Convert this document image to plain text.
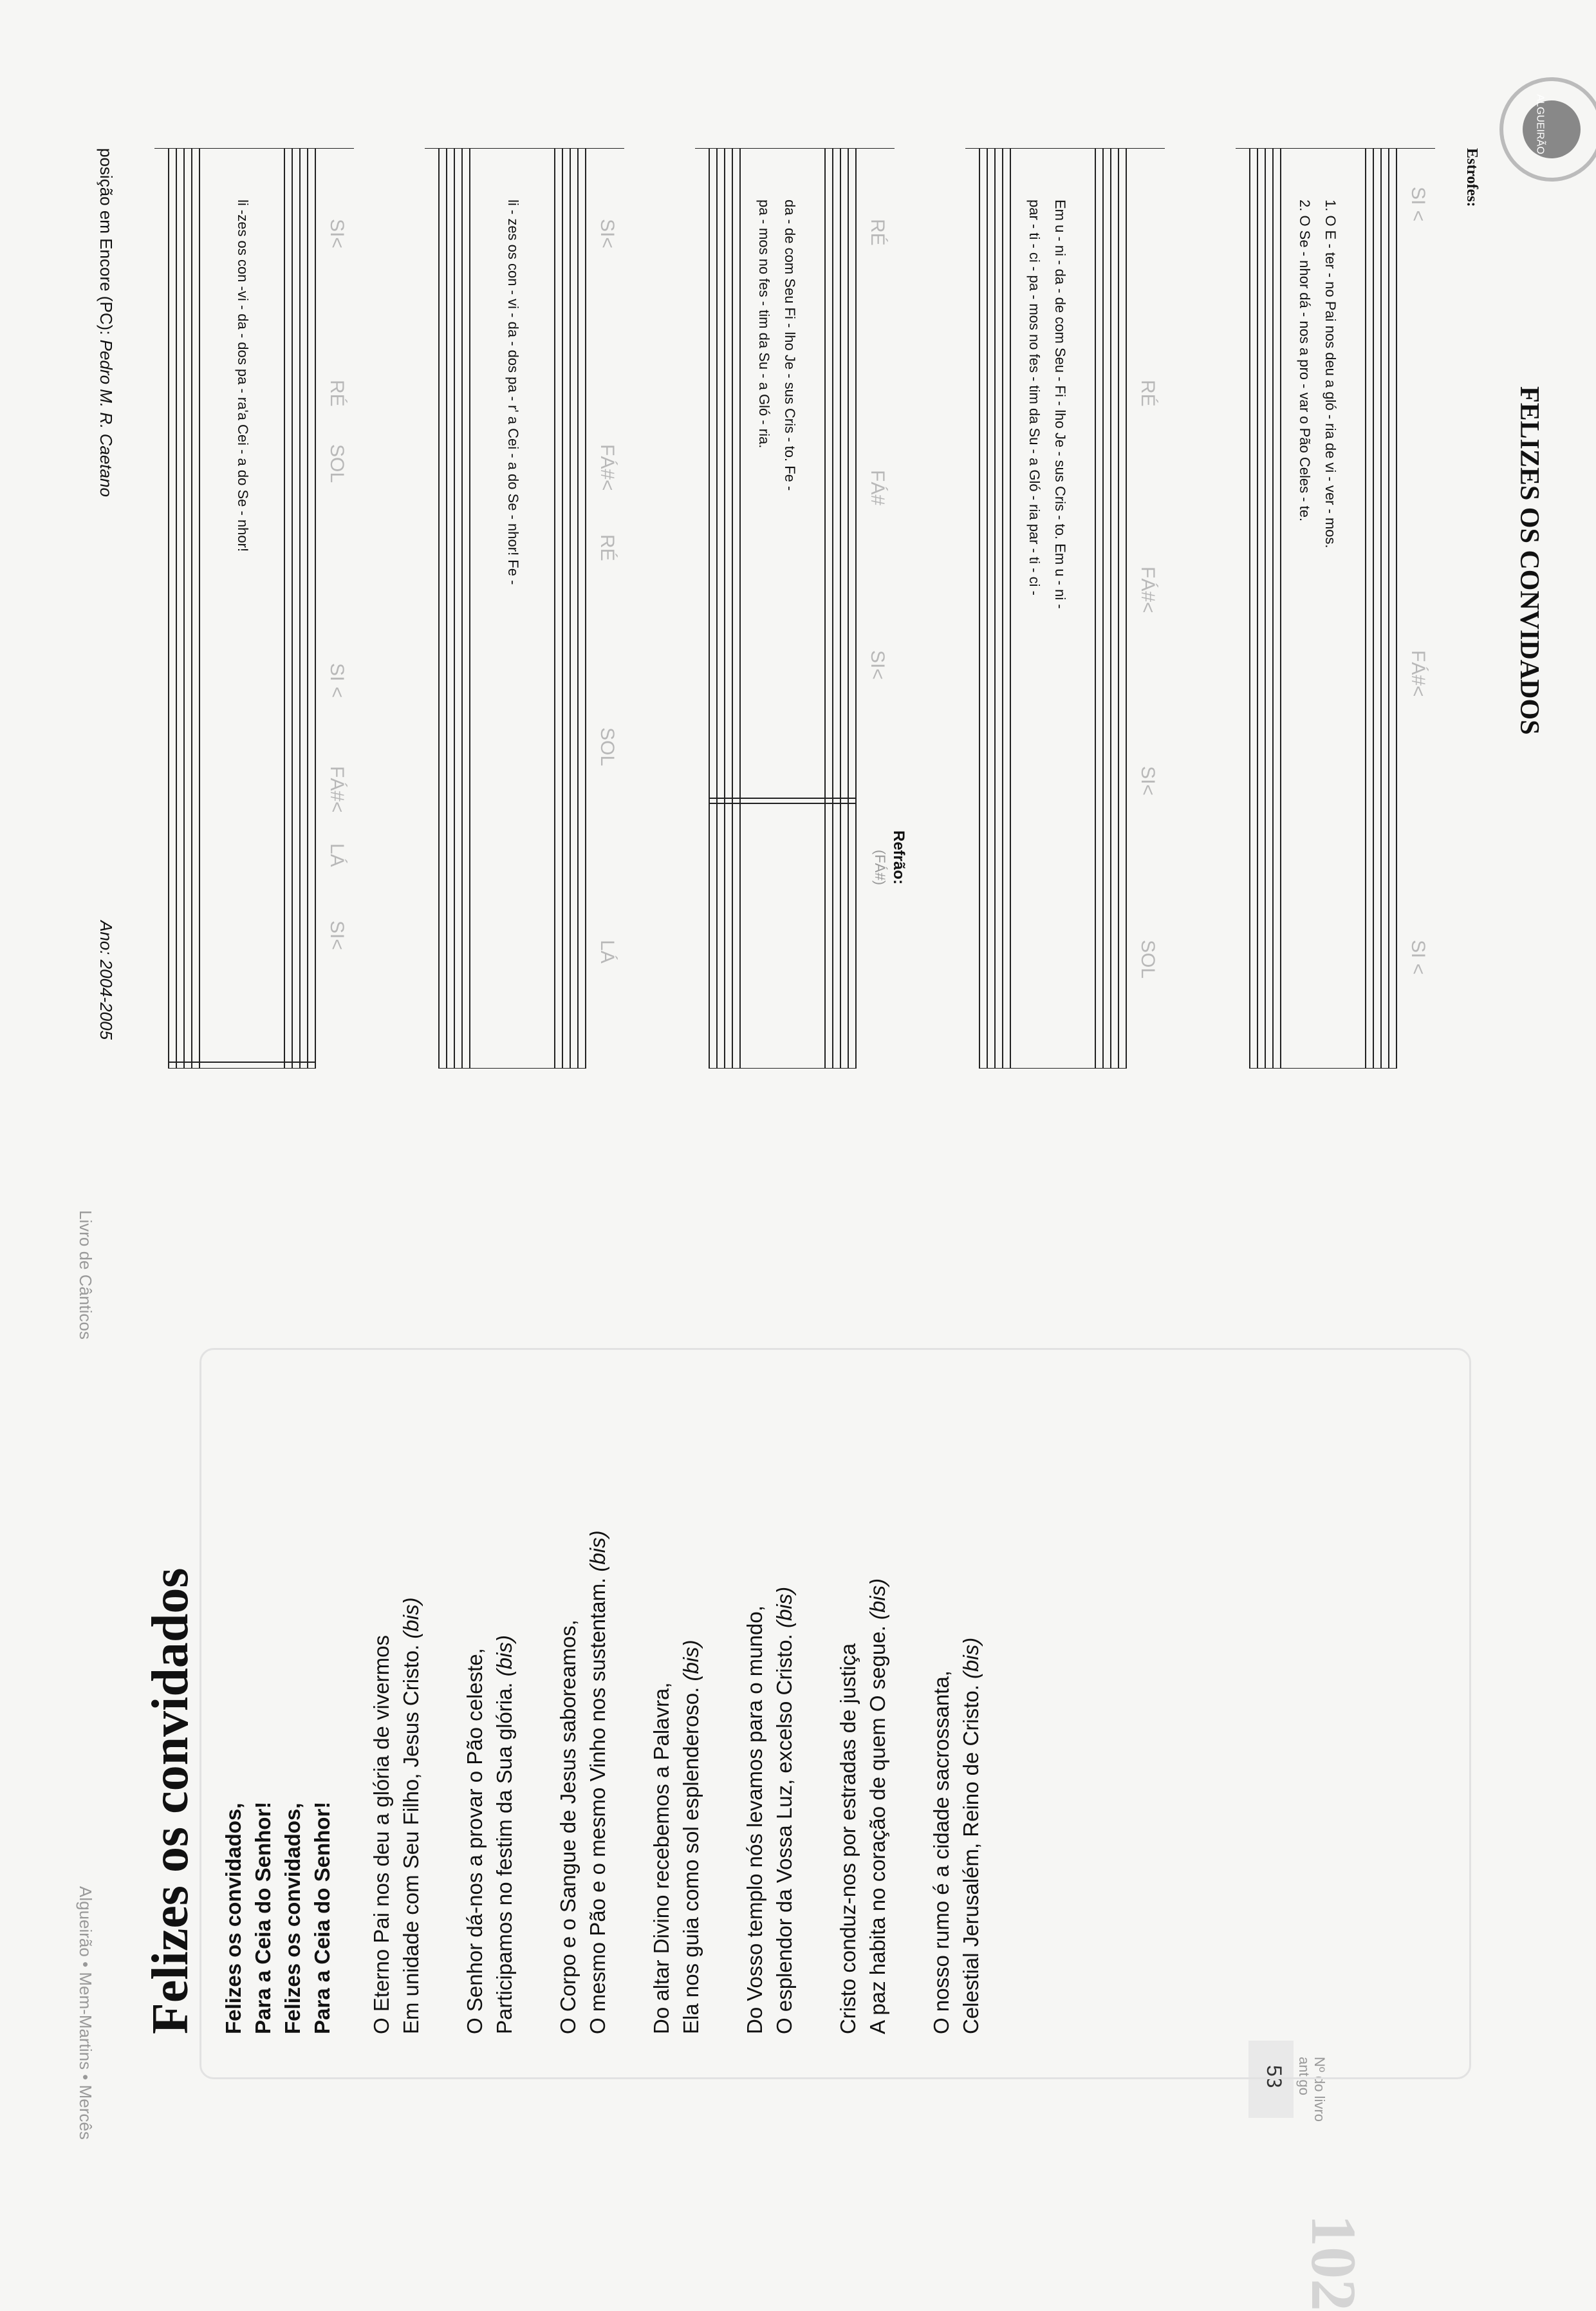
ALGUEIRÃO
102
Nº do livro antigo
53
Livro de Cânticos
Algueirão • Mem-Martins • Mercês
FELIZES OS CONVIDADOS
Estrofes:
SI <
FÁ#<
SI <
1. O E - ter - no Pai nos deu a gló - ria de vi - ver - mos.
2. O Se - nhor dá - nos a pro - var o Pão Celes - te.
RÉ
FÁ#<
SI<
SOL
Em u - ni - da - de com Seu - Fi - lho Je - sus Cris - to. Em u - ni -
par - ti - ci - pa - mos no fes - tim da Su - a Gló - ria par - ti - ci -
RÉ
FÁ#
SI<
Refrão:
(FÁ#)
da - de com Seu Fi - lho Je - sus Cris - to. Fe -
pa - mos no fes - tim da Su - a Gló - ria.
SI<
FÁ#<
RÉ
SOL
LÁ
li - zes os con - vi - da - dos pa - r' a Cei - a do Se - nhor! Fe -
SI<
RÉ
SOL
SI <
FÁ#<
LÁ
SI<
li -zes os con -vi - da - dos pa - ra'a Cei - a do Se - nhor!
posição em Encore (PC): Pedro M. R. Caetano
Ano: 2004-2005
Felizes os convidados Felizes os convidados, Para a Ceia do Senhor! Felizes os convidados, Para a Ceia do Senhor! O Eterno Pai nos deu a glória de vivermos Em unidade com Seu Filho, Jesus Cristo. (bis)
O Senhor dá-nos a provar o Pão celeste, Participamos no festim da Sua glória. (bis) O Corpo e o Sangue de Jesus saboreamos, O mesmo Pão e o mesmo Vinho nos sustentam. (bis)
Do altar Divino recebemos a Palavra, Ela nos guia como sol esplenderoso. (bis) Do Vosso templo nós levamos para o mundo, O esplendor da Vossa Luz, excelso Cristo. (bis)
Cristo conduz-nos por estradas de justiça A paz habita no coração de quem O segue. (bis)
O nosso rumo é a cidade sacrossanta, Celestial Jerusalém, Reino de Cristo. (bis)
